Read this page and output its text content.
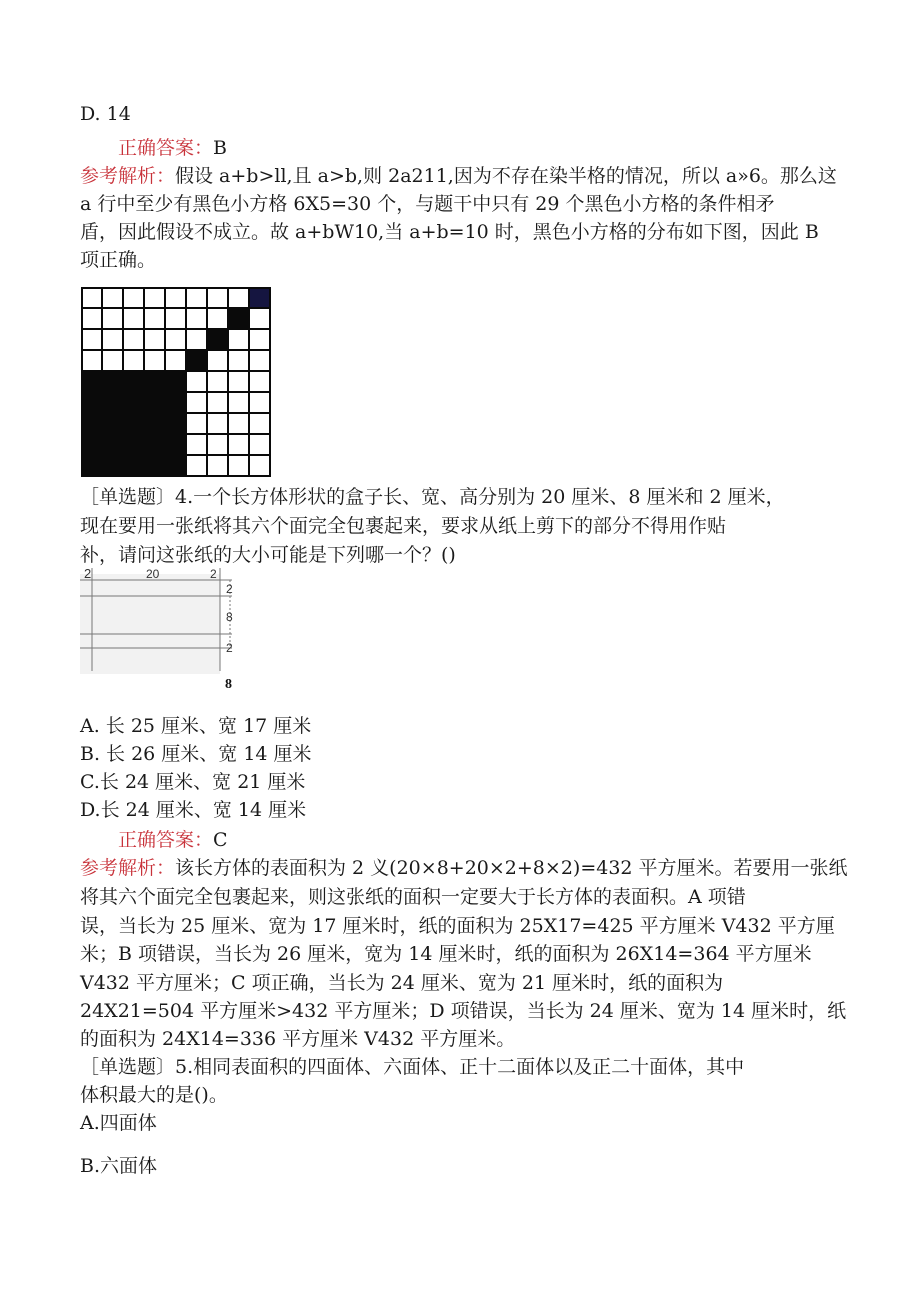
D. 14
正确答案：B
参考解析：假设 a+b>ll,且 a>b,则 2a211,因为不存在染半格的情况，所以 a»6。那么这
a 行中至少有黑色小方格 6X5=30 个，与题干中只有 29 个黑色小方格的条件相矛
盾，因此假设不成立。故 a+bW10,当 a+b=10 时，黑色小方格的分布如下图，因此 B
项正确。
［单选题〕4.一个长方体形状的盒子长、宽、高分别为 20 厘米、8 厘米和 2 厘米，
现在要用一张纸将其六个面完全包裹起来，要求从纸上剪下的部分不得用作贴
补，请问这张纸的大小可能是下列哪一个？()
2	20	2
2
8
2
8
A. 长 25 厘米、宽 17 厘米
B. 长 26 厘米、宽 14 厘米
C.长 24 厘米、宽 21 厘米
D.长 24 厘米、宽 14 厘米
正确答案：C
参考解析：该长方体的表面积为 2 义(20×8+20×2+8×2)=432 平方厘米。若要用一张纸
将其六个面完全包裹起来，则这张纸的面积一定要大于长方体的表面积。A 项错
误，当长为 25 厘米、宽为 17 厘米时，纸的面积为 25X17=425 平方厘米 V432 平方厘
米；B 项错误，当长为 26 厘米，宽为 14 厘米时，纸的面积为 26X14=364 平方厘米
V432 平方厘米；C 项正确，当长为 24 厘米、宽为 21 厘米时，纸的面积为
24X21=504 平方厘米>432 平方厘米；D 项错误，当长为 24 厘米、宽为 14 厘米时，纸
的面积为 24X14=336 平方厘米 V432 平方厘米。
［单选题〕5.相同表面积的四面体、六面体、正十二面体以及正二十面体，其中
体积最大的是()。
A.四面体
B.六面体
